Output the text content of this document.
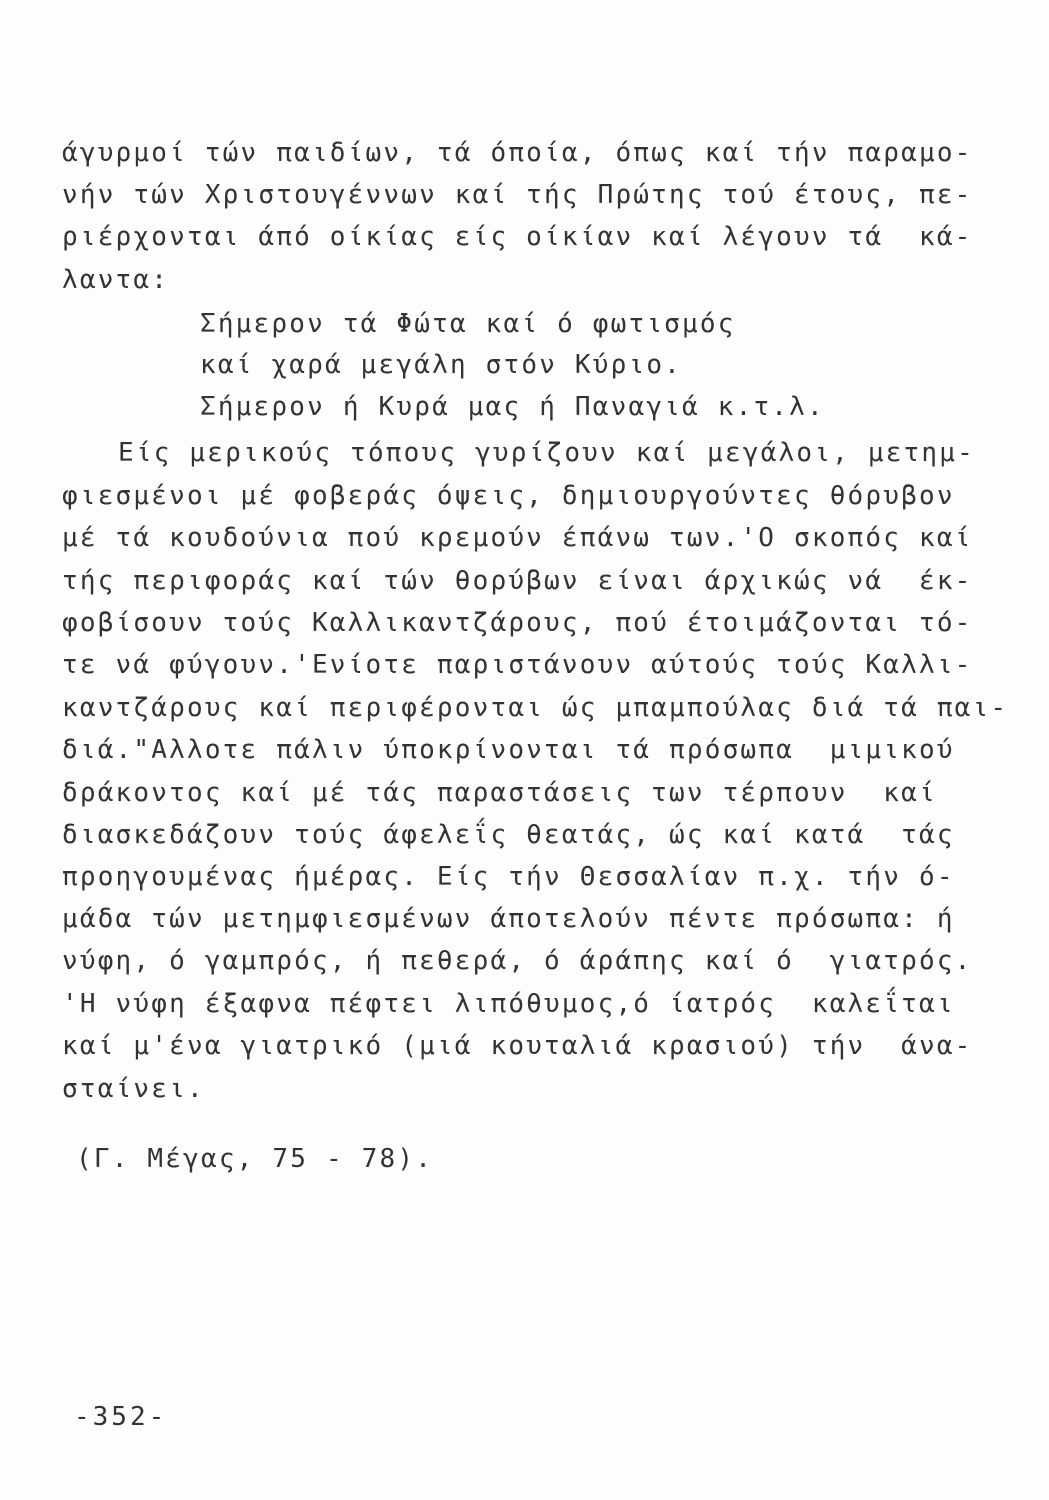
άγυρμοί τών παιδίων, τά όποία, όπως καί τήν παραμο-
νήν τών Χριστουγέννων καί τής Πρώτης τού έτους, πε-
ριέρχονται άπό οίκίας είς οίκίαν καί λέγουν τά  κά-
λαντα:
Σήμερον τά Φώτα καί ό φωτισμός
καί χαρά μεγάλη στόν Κύριο.
Σήμερον ή Κυρά μας ή Παναγιά κ.τ.λ.
Είς μερικούς τόπους γυρίζουν καί μεγάλοι, μετημ-
φιεσμένοι μέ φοβεράς όψεις, δημιουργούντες θόρυβον
μέ τά κουδούνια πού κρεμούν έπάνω των.'Ο σκοπός καί
τής περιφοράς καί τών θορύβων είναι άρχικώς νά  έκ-
φοβίσουν τούς Καλλικαντζάρους, πού έτοιμάζονται τό-
τε νά φύγουν.'Ενίοτε παριστάνουν αύτούς τούς Καλλι-
καντζάρους καί περιφέρονται ώς μπαμπούλας διά τά παι-
διά."Αλλοτε πάλιν ύποκρίνονται τά πρόσωπα  μιμικού
δράκοντος καί μέ τάς παραστάσεις των τέρπουν  καί
διασκεδάζουν τούς άφελεΐς θεατάς, ώς καί κατά  τάς
προηγουμένας ήμέρας. Είς τήν Θεσσαλίαν π.χ. τήν ό-
μάδα τών μετημφιεσμένων άποτελούν πέντε πρόσωπα: ή
νύφη, ό γαμπρός, ή πεθερά, ό άράπης καί ό  γιατρός.
'Η νύφη έξαφνα πέφτει λιπόθυμος,ό ίατρός  καλεΐται
καί μ'ένα γιατρικό (μιά κουταλιά κρασιού) τήν  άνα-
σταίνει.
(Γ. Μέγας, 75 - 78).
-352-
